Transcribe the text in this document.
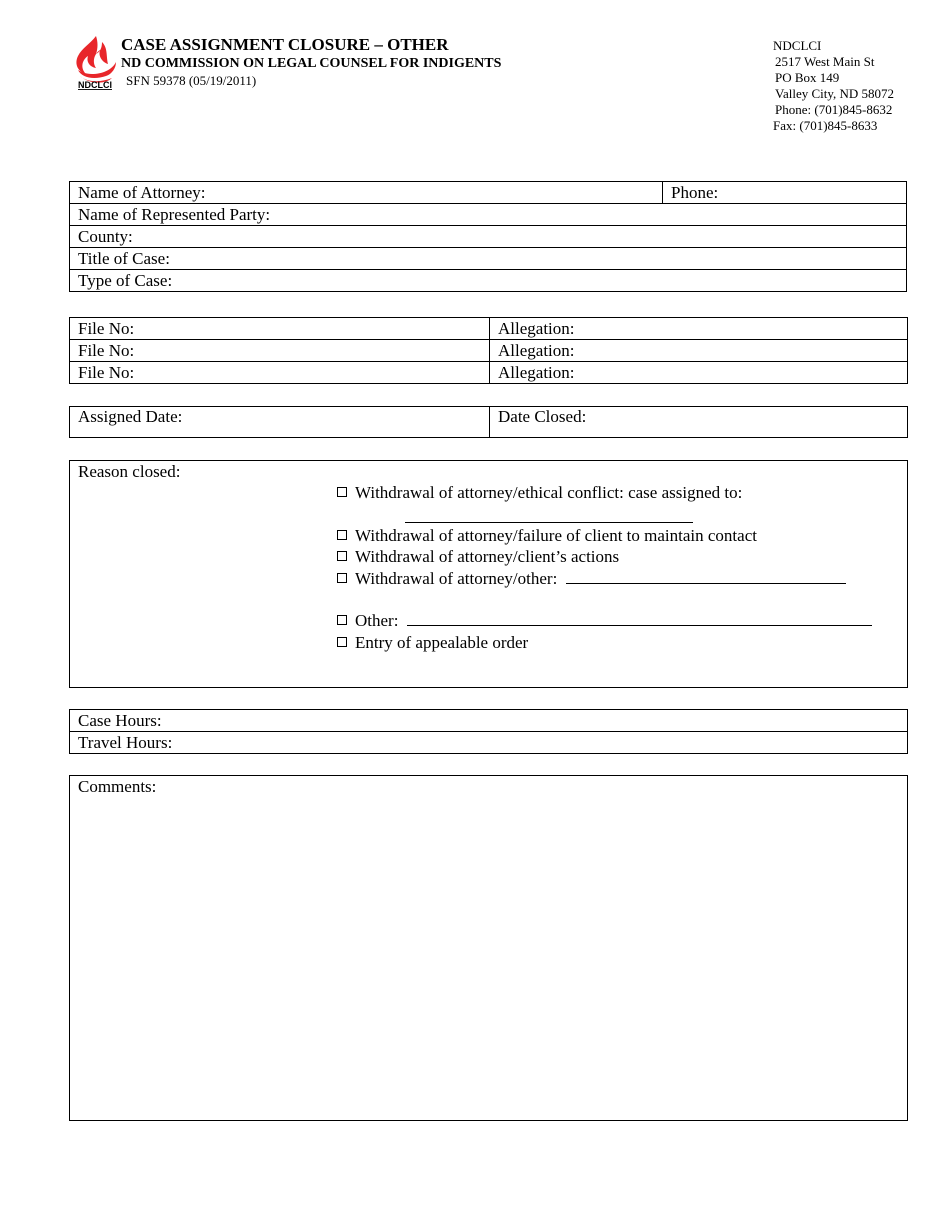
NDCLCI
CASE ASSIGNMENT CLOSURE – OTHER
ND COMMISSION ON LEGAL COUNSEL FOR INDIGENTS
SFN 59378 (05/19/2011)
NDCLCI
2517 West Main St
PO Box 149
Valley City, ND 58072
Phone: (701)845-8632
Fax: (701)845-8633
Name of Attorney:	Phone:
Name of Represented Party:
County:
Title of Case:
Type of Case:
File No:	Allegation:
File No:	Allegation:
File No:	Allegation:
Assigned Date:	Date Closed:
Reason closed:
Withdrawal of attorney/ethical conflict: case assigned to:
Withdrawal of attorney/failure of client to maintain contact
Withdrawal of attorney/client’s actions
Withdrawal of attorney/other:
Other:
Entry of appealable order
Case Hours:
Travel Hours:
Comments:
